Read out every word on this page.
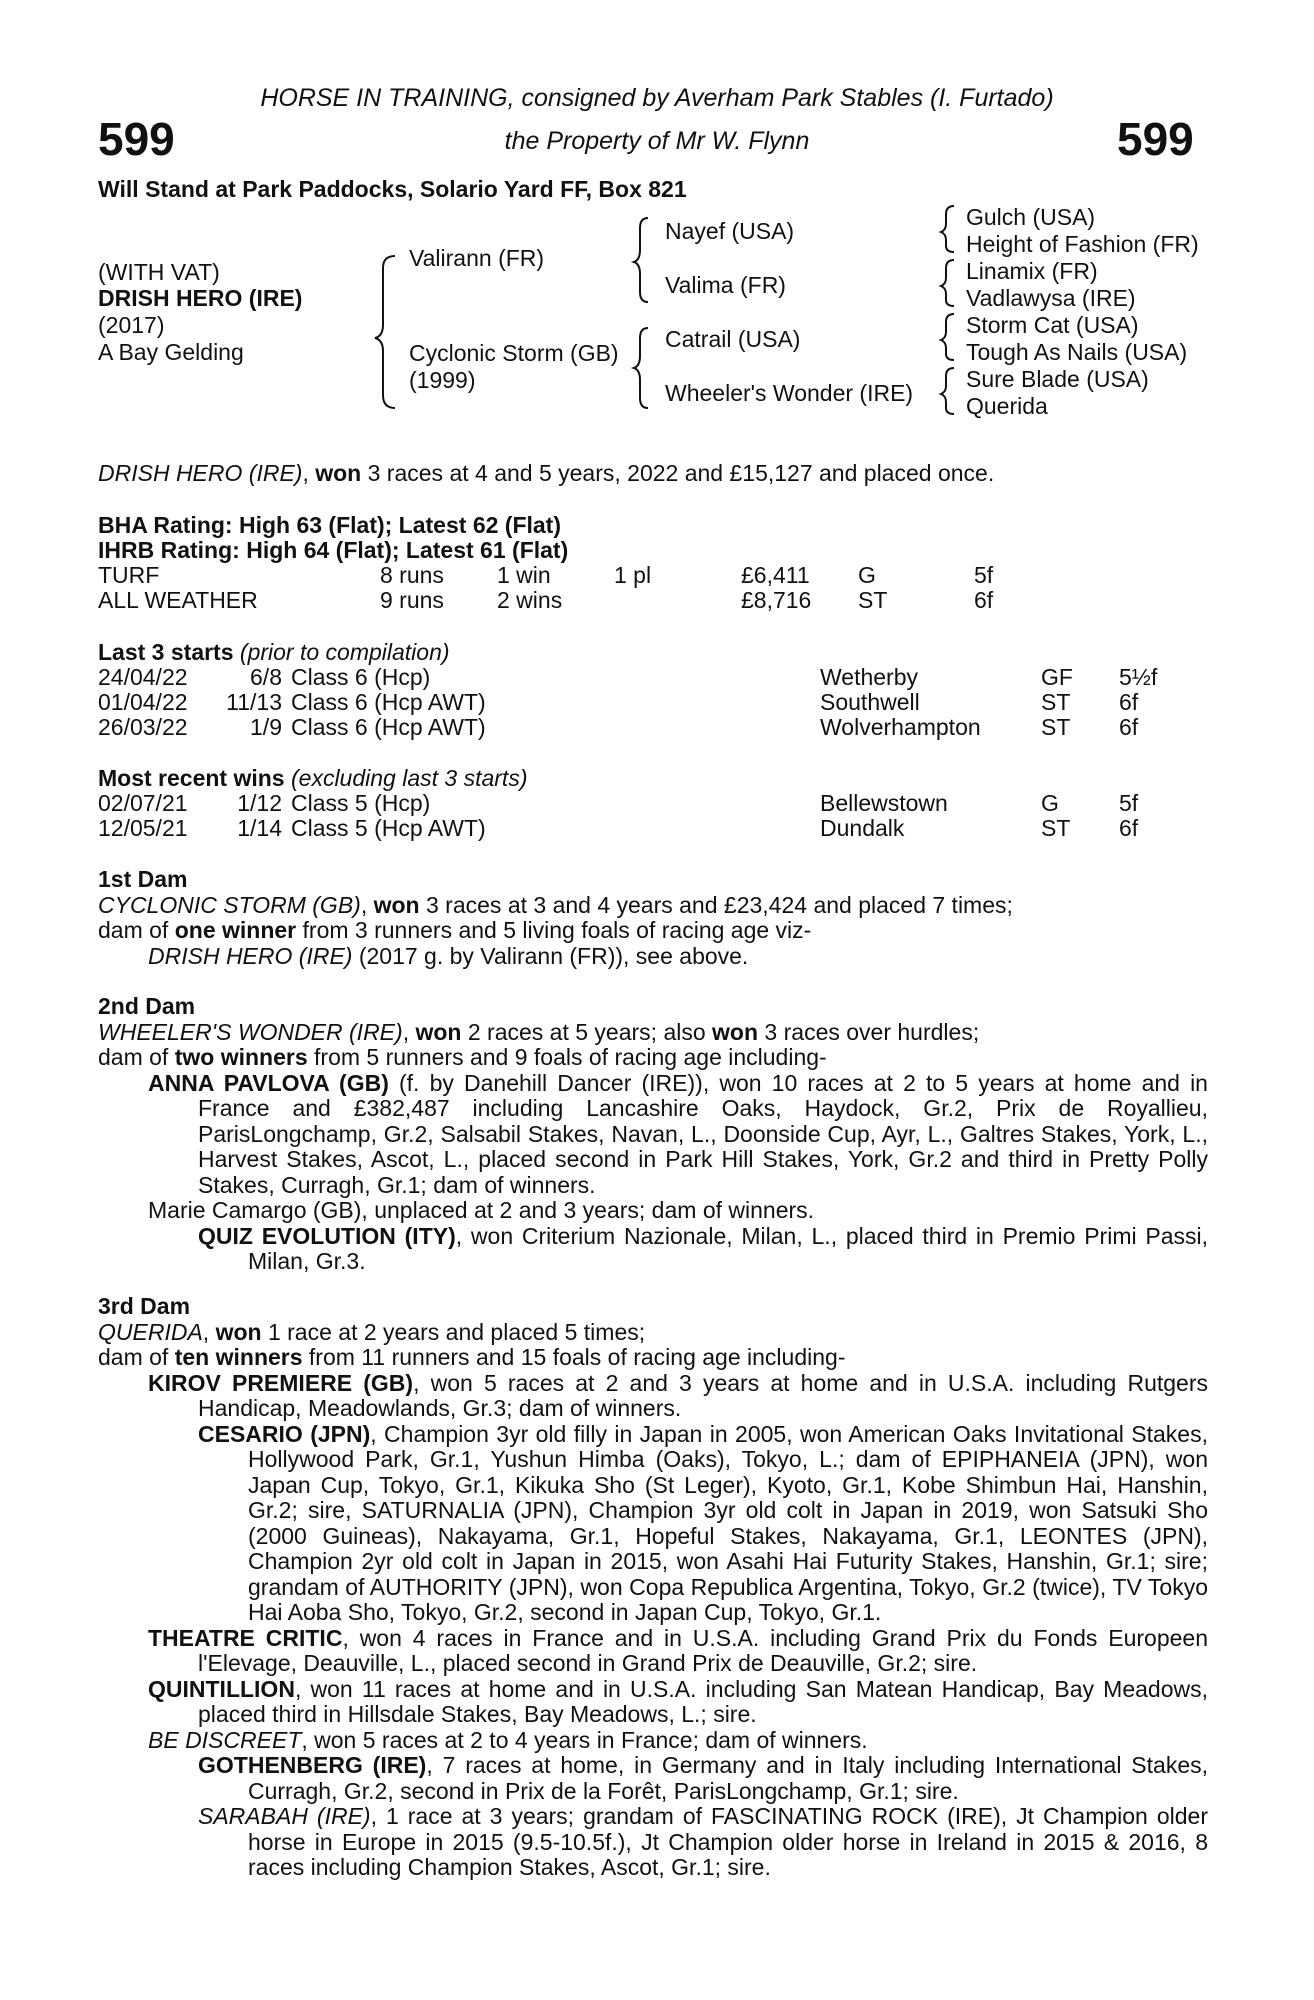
HORSE IN TRAINING, consigned by Averham Park Stables (I. Furtado)
599	the Property of Mr W. Flynn	599
Will Stand at Park Paddocks, Solario Yard FF, Box 821
(WITH VAT)
DRISH HERO (IRE)
(2017)
A Bay Gelding
Valirann (FR)
Cyclonic Storm (GB)
(1999)
Nayef (USA)
Valima (FR)
Catrail (USA)
Wheeler's Wonder (IRE)
Gulch (USA)
Height of Fashion (FR)
Linamix (FR)
Vadlawysa (IRE)
Storm Cat (USA)
Tough As Nails (USA)
Sure Blade (USA)
Querida
DRISH HERO (IRE), won 3 races at 4 and 5 years, 2022 and £15,127 and placed once.
BHA Rating: High 63 (Flat); Latest 62 (Flat)
IHRB Rating: High 64 (Flat); Latest 61 (Flat)
TURF	8 runs 1 win	1 pl	£6,411 G	5f
ALL WEATHER	9 runs 2 wins	£8,716 ST	6f
Last 3 starts (prior to compilation)
24/04/22	6/8 Class 6 (Hcp)	Wetherby	GF 5½f
01/04/22	11/13 Class 6 (Hcp AWT)	Southwell	ST 6f
26/03/22	1/9 Class 6 (Hcp AWT)	Wolverhampton	ST 6f
Most recent wins (excluding last 3 starts)
02/07/21	1/12 Class 5 (Hcp)	Bellewstown	G	5f
12/05/21	1/14 Class 5 (Hcp AWT)	Dundalk	ST 6f

1st Dam

CYCLONIC STORM (GB), won 3 races at 3 and 4 years and £23,424 and placed 7 times;

dam of one winner from 3 runners and 5 living foals of racing age viz-

DRISH HERO (IRE) (2017 g. by Valirann (FR)), see above.

2nd Dam

WHEELER'S WONDER (IRE), won 2 races at 5 years; also won 3 races over hurdles;

dam of two winners from 5 runners and 9 foals of racing age including-

ANNA PAVLOVA (GB) (f. by Danehill Dancer (IRE)), won 10 races at 2 to 5 years at home and in France and £382,487 including Lancashire Oaks, Haydock, Gr.2, Prix de Royallieu, ParisLongchamp, Gr.2, Salsabil Stakes, Navan, L., Doonside Cup, Ayr, L., Galtres Stakes, York, L., Harvest Stakes, Ascot, L., placed second in Park Hill Stakes, York, Gr.2 and third in Pretty Polly Stakes, Curragh, Gr.1; dam of winners.

Marie Camargo (GB), unplaced at 2 and 3 years; dam of winners.

QUIZ EVOLUTION (ITY), won Criterium Nazionale, Milan, L., placed third in Premio Primi Passi, Milan, Gr.3.

3rd Dam

QUERIDA, won 1 race at 2 years and placed 5 times;

dam of ten winners from 11 runners and 15 foals of racing age including-

KIROV PREMIERE (GB), won 5 races at 2 and 3 years at home and in U.S.A. including Rutgers Handicap, Meadowlands, Gr.3; dam of winners.

CESARIO (JPN), Champion 3yr old filly in Japan in 2005, won American Oaks Invitational Stakes, Hollywood Park, Gr.1, Yushun Himba (Oaks), Tokyo, L.; dam of EPIPHANEIA (JPN), won Japan Cup, Tokyo, Gr.1, Kikuka Sho (St Leger), Kyoto, Gr.1, Kobe Shimbun Hai, Hanshin, Gr.2; sire, SATURNALIA (JPN), Champion 3yr old colt in Japan in 2019, won Satsuki Sho (2000 Guineas), Nakayama, Gr.1, Hopeful Stakes, Nakayama, Gr.1, LEONTES (JPN), Champion 2yr old colt in Japan in 2015, won Asahi Hai Futurity Stakes, Hanshin, Gr.1; sire; grandam of AUTHORITY (JPN), won Copa Republica Argentina, Tokyo, Gr.2 (twice), TV Tokyo Hai Aoba Sho, Tokyo, Gr.2, second in Japan Cup, Tokyo, Gr.1.

THEATRE CRITIC, won 4 races in France and in U.S.A. including Grand Prix du Fonds Europeen l'Elevage, Deauville, L., placed second in Grand Prix de Deauville, Gr.2; sire.

QUINTILLION, won 11 races at home and in U.S.A. including San Matean Handicap, Bay Meadows, placed third in Hillsdale Stakes, Bay Meadows, L.; sire.

BE DISCREET, won 5 races at 2 to 4 years in France; dam of winners.

GOTHENBERG (IRE), 7 races at home, in Germany and in Italy including International Stakes, Curragh, Gr.2, second in Prix de la Forêt, ParisLongchamp, Gr.1; sire.

SARABAH (IRE), 1 race at 3 years; grandam of FASCINATING ROCK (IRE), Jt Champion older horse in Europe in 2015 (9.5-10.5f.), Jt Champion older horse in Ireland in 2015 & 2016, 8 races including Champion Stakes, Ascot, Gr.1; sire.
